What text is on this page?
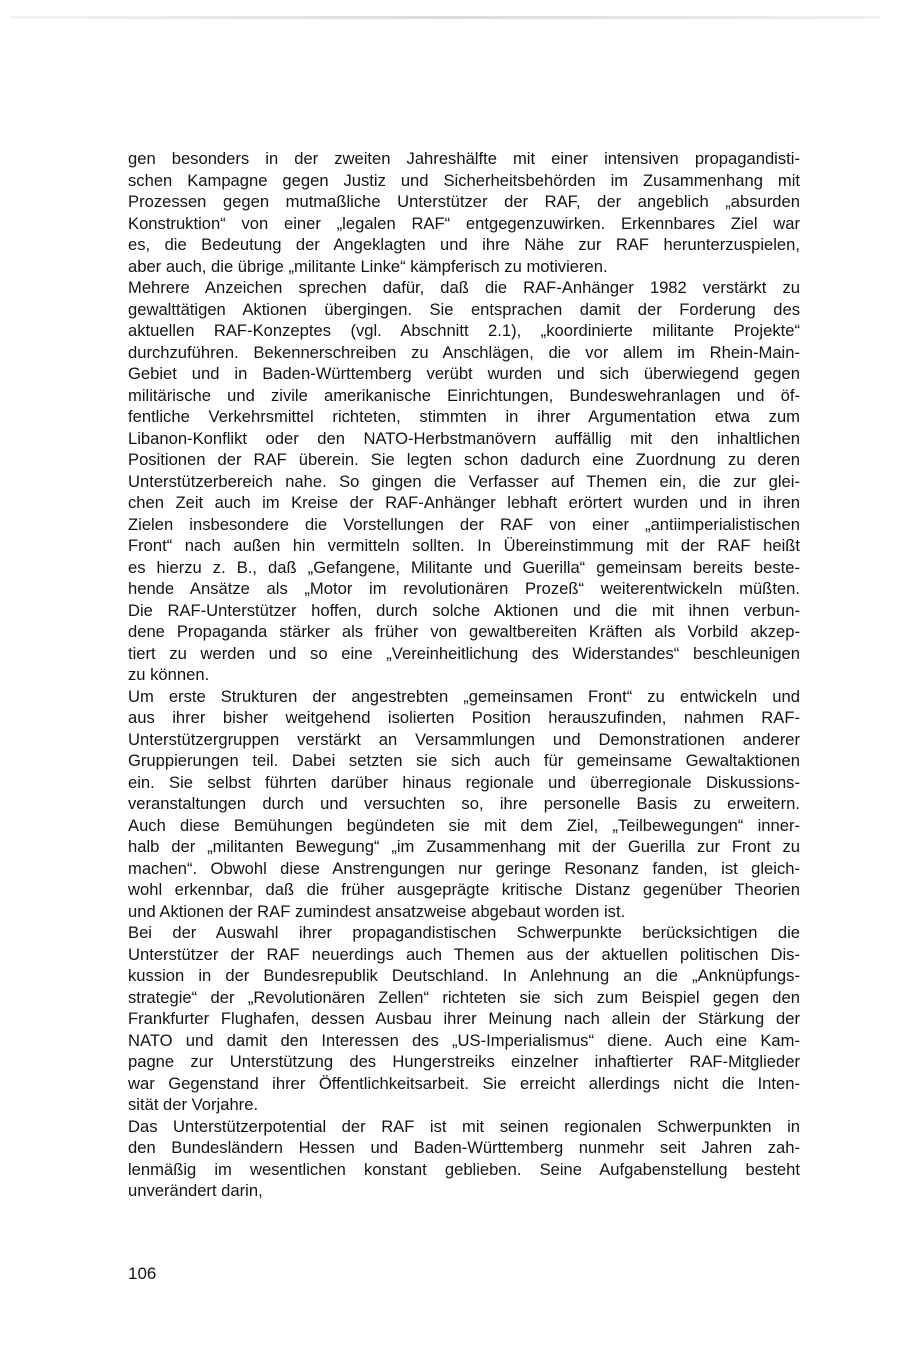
gen besonders in der zweiten Jahreshälfte mit einer intensiven propagandisti-
schen Kampagne gegen Justiz und Sicherheitsbehörden im Zusammenhang mit
Prozessen gegen mutmaßliche Unterstützer der RAF, der angeblich „absurden
Konstruktion“ von einer „legalen RAF“ entgegenzuwirken. Erkennbares Ziel war
es, die Bedeutung der Angeklagten und ihre Nähe zur RAF herunterzuspielen,
aber auch, die übrige „militante Linke“ kämpferisch zu motivieren.
Mehrere Anzeichen sprechen dafür, daß die RAF-Anhänger 1982 verstärkt zu
gewalttätigen Aktionen übergingen. Sie entsprachen damit der Forderung des
aktuellen RAF-Konzeptes (vgl. Abschnitt 2.1), „koordinierte militante Projekte“
durchzuführen. Bekennerschreiben zu Anschlägen, die vor allem im Rhein-Main-
Gebiet und in Baden-Württemberg verübt wurden und sich überwiegend gegen
militärische und zivile amerikanische Einrichtungen, Bundeswehranlagen und öf-
fentliche Verkehrsmittel richteten, stimmten in ihrer Argumentation etwa zum
Libanon-Konflikt oder den NATO-Herbstmanövern auffällig mit den inhaltlichen
Positionen der RAF überein. Sie legten schon dadurch eine Zuordnung zu deren
Unterstützerbereich nahe. So gingen die Verfasser auf Themen ein, die zur glei-
chen Zeit auch im Kreise der RAF-Anhänger lebhaft erörtert wurden und in ihren
Zielen insbesondere die Vorstellungen der RAF von einer „antiimperialistischen
Front“ nach außen hin vermitteln sollten. In Übereinstimmung mit der RAF heißt
es hierzu z. B., daß „Gefangene, Militante und Guerilla“ gemeinsam bereits beste-
hende Ansätze als „Motor im revolutionären Prozeß“ weiterentwickeln müßten.
Die RAF-Unterstützer hoffen, durch solche Aktionen und die mit ihnen verbun-
dene Propaganda stärker als früher von gewaltbereiten Kräften als Vorbild akzep-
tiert zu werden und so eine „Vereinheitlichung des Widerstandes“ beschleunigen
zu können.
Um erste Strukturen der angestrebten „gemeinsamen Front“ zu entwickeln und
aus ihrer bisher weitgehend isolierten Position herauszufinden, nahmen RAF-
Unterstützergruppen verstärkt an Versammlungen und Demonstrationen anderer
Gruppierungen teil. Dabei setzten sie sich auch für gemeinsame Gewaltaktionen
ein. Sie selbst führten darüber hinaus regionale und überregionale Diskussions-
veranstaltungen durch und versuchten so, ihre personelle Basis zu erweitern.
Auch diese Bemühungen begündeten sie mit dem Ziel, „Teilbewegungen“ inner-
halb der „militanten Bewegung“ „im Zusammenhang mit der Guerilla zur Front zu
machen“. Obwohl diese Anstrengungen nur geringe Resonanz fanden, ist gleich-
wohl erkennbar, daß die früher ausgeprägte kritische Distanz gegenüber Theorien
und Aktionen der RAF zumindest ansatzweise abgebaut worden ist.
Bei der Auswahl ihrer propagandistischen Schwerpunkte berücksichtigen die
Unterstützer der RAF neuerdings auch Themen aus der aktuellen politischen Dis-
kussion in der Bundesrepublik Deutschland. In Anlehnung an die „Anknüpfungs-
strategie“ der „Revolutionären Zellen“ richteten sie sich zum Beispiel gegen den
Frankfurter Flughafen, dessen Ausbau ihrer Meinung nach allein der Stärkung der
NATO und damit den Interessen des „US-Imperialismus“ diene. Auch eine Kam-
pagne zur Unterstützung des Hungerstreiks einzelner inhaftierter RAF-Mitglieder
war Gegenstand ihrer Öffentlichkeitsarbeit. Sie erreicht allerdings nicht die Inten-
sität der Vorjahre.
Das Unterstützerpotential der RAF ist mit seinen regionalen Schwerpunkten in
den Bundesländern Hessen und Baden-Württemberg nunmehr seit Jahren zah-
lenmäßig im wesentlichen konstant geblieben. Seine Aufgabenstellung besteht
unverändert darin,
106
